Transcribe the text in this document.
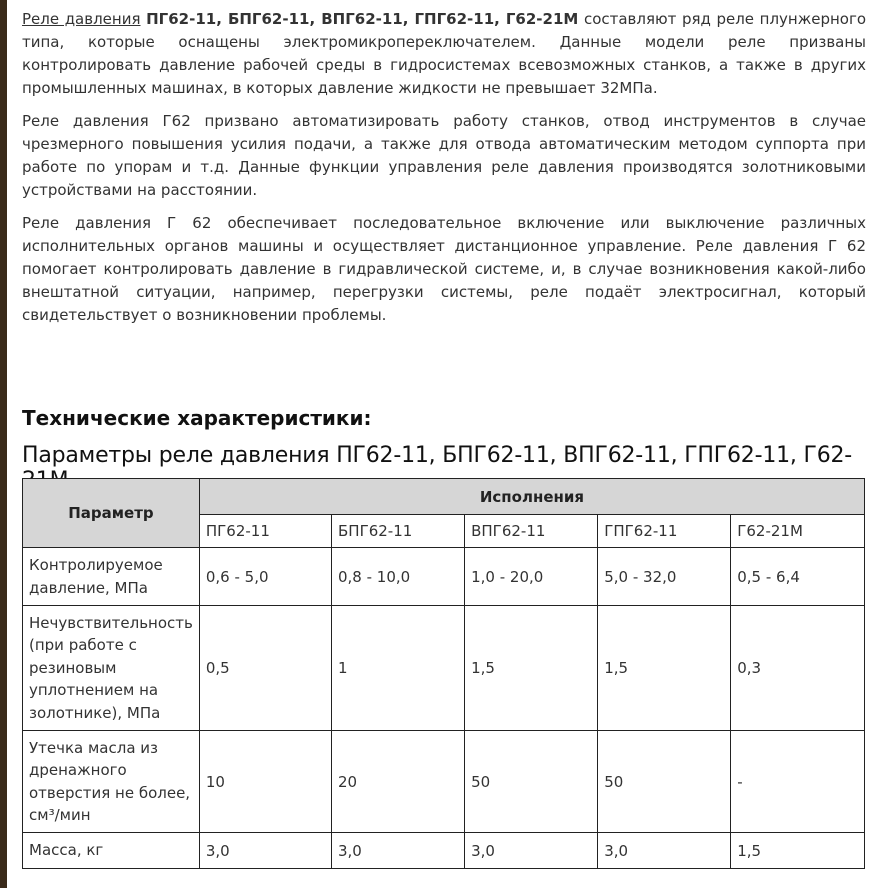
Реле давления ПГ62-11, БПГ62-11, ВПГ62-11, ГПГ62-11, Г62-21М составляют ряд реле плунжерного типа, которые оснащены электромикропереключателем. Данные модели реле призваны контролировать давление рабочей среды в гидросистемах всевозможных станков, а также в других промышленных машинах, в которых давление жидкости не превышает 32МПа.

Реле давления Г62 призвано автоматизировать работу станков, отвод инструментов в случае чрезмерного повышения усилия подачи, а также для отвода автоматическим методом суппорта при работе по упорам и т.д. Данные функции управления реле давления производятся золотниковыми устройствами на расстоянии.

Реле давления Г 62 обеспечивает последовательное включение или выключение различных исполнительных органов машины и осуществляет дистанционное управление. Реле давления Г 62 помогает контролировать давление в гидравлической системе, и, в случае возникновения какой-либо внештатной ситуации, например, перегрузки системы, реле подаёт электросигнал, который свидетельствует о возникновении проблемы.

Технические характеристики:
Параметры реле давления ПГ62-11, БПГ62-11, ВПГ62-11, ГПГ62-11, Г62-
Параметр	Исполнения				
	ПГ62-11	БПГ62-11	ВПГ62-11	ГПГ62-11	Г62-21М
Контролируемое давление, МПа	0,6 - 5,0	0,8 - 10,0	1,0 - 20,0	5,0 - 32,0	0,5 - 6,4
Нечувствительность (при работе с резиновым уплотнением на золотнике), МПа	0,5	1	1,5	1,5	0,3
Утечка масла из дренажного отверстия не более, см³/мин	10	20	50	50	-
Масса, кг	3,0	3,0	3,0	3,0	1,5
